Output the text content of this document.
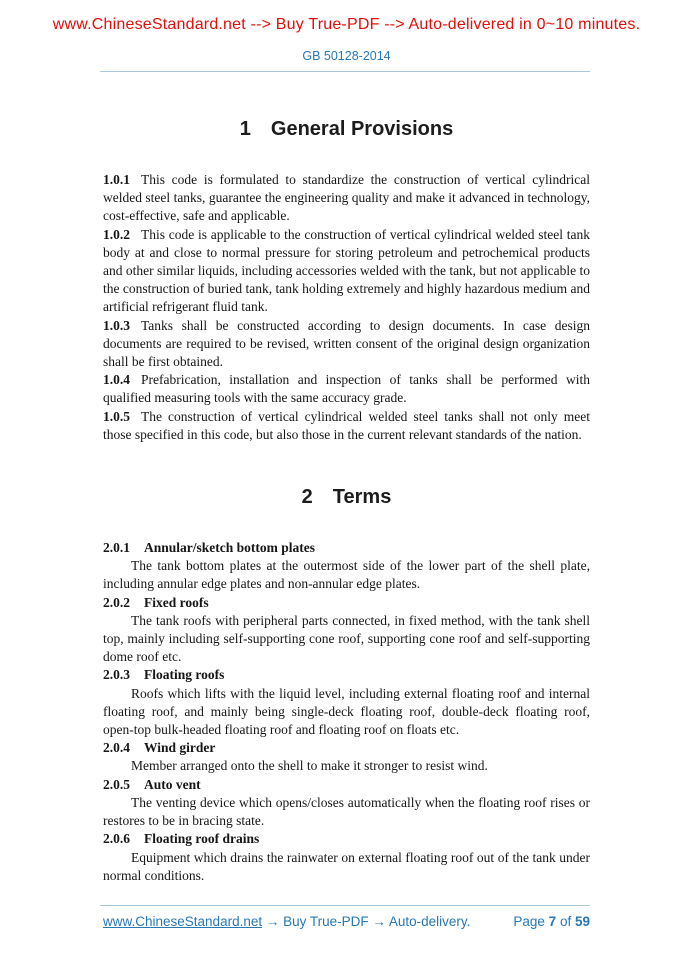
www.ChineseStandard.net --> Buy True-PDF --> Auto-delivered in 0~10 minutes.
GB 50128-2014
1 General Provisions

1.0.1 This code is formulated to standardize the construction of vertical cylindrical welded steel tanks, guarantee the engineering quality and make it advanced in technology, cost-effective, safe and applicable.

1.0.2 This code is applicable to the construction of vertical cylindrical welded steel tank body at and close to normal pressure for storing petroleum and petrochemical products and other similar liquids, including accessories welded with the tank, but not applicable to the construction of buried tank, tank holding extremely and highly hazardous medium and artificial refrigerant fluid tank.

1.0.3 Tanks shall be constructed according to design documents. In case design documents are required to be revised, written consent of the original design organization shall be first obtained.

1.0.4 Prefabrication, installation and inspection of tanks shall be performed with qualified measuring tools with the same accuracy grade.

1.0.5 The construction of vertical cylindrical welded steel tanks shall not only meet those specified in this code, but also those in the current relevant standards of the nation.

2 Terms

2.0.1 Annular/sketch bottom plates

The tank bottom plates at the outermost side of the lower part of the shell plate, including annular edge plates and non-annular edge plates.

2.0.2 Fixed roofs

The tank roofs with peripheral parts connected, in fixed method, with the tank shell top, mainly including self-supporting cone roof, supporting cone roof and self-supporting dome roof etc.

2.0.3 Floating roofs

Roofs which lifts with the liquid level, including external floating roof and internal floating roof, and mainly being single-deck floating roof, double-deck floating roof, open-top bulk-headed floating roof and floating roof on floats etc.

2.0.4 Wind girder

Member arranged onto the shell to make it stronger to resist wind.

2.0.5 Auto vent

The venting device which opens/closes automatically when the floating roof rises or restores to be in bracing state.

2.0.6 Floating roof drains

Equipment which drains the rainwater on external floating roof out of the tank under normal conditions.

www.ChineseStandard.net → Buy True-PDF → Auto-delivery.	Page 7 of 59
